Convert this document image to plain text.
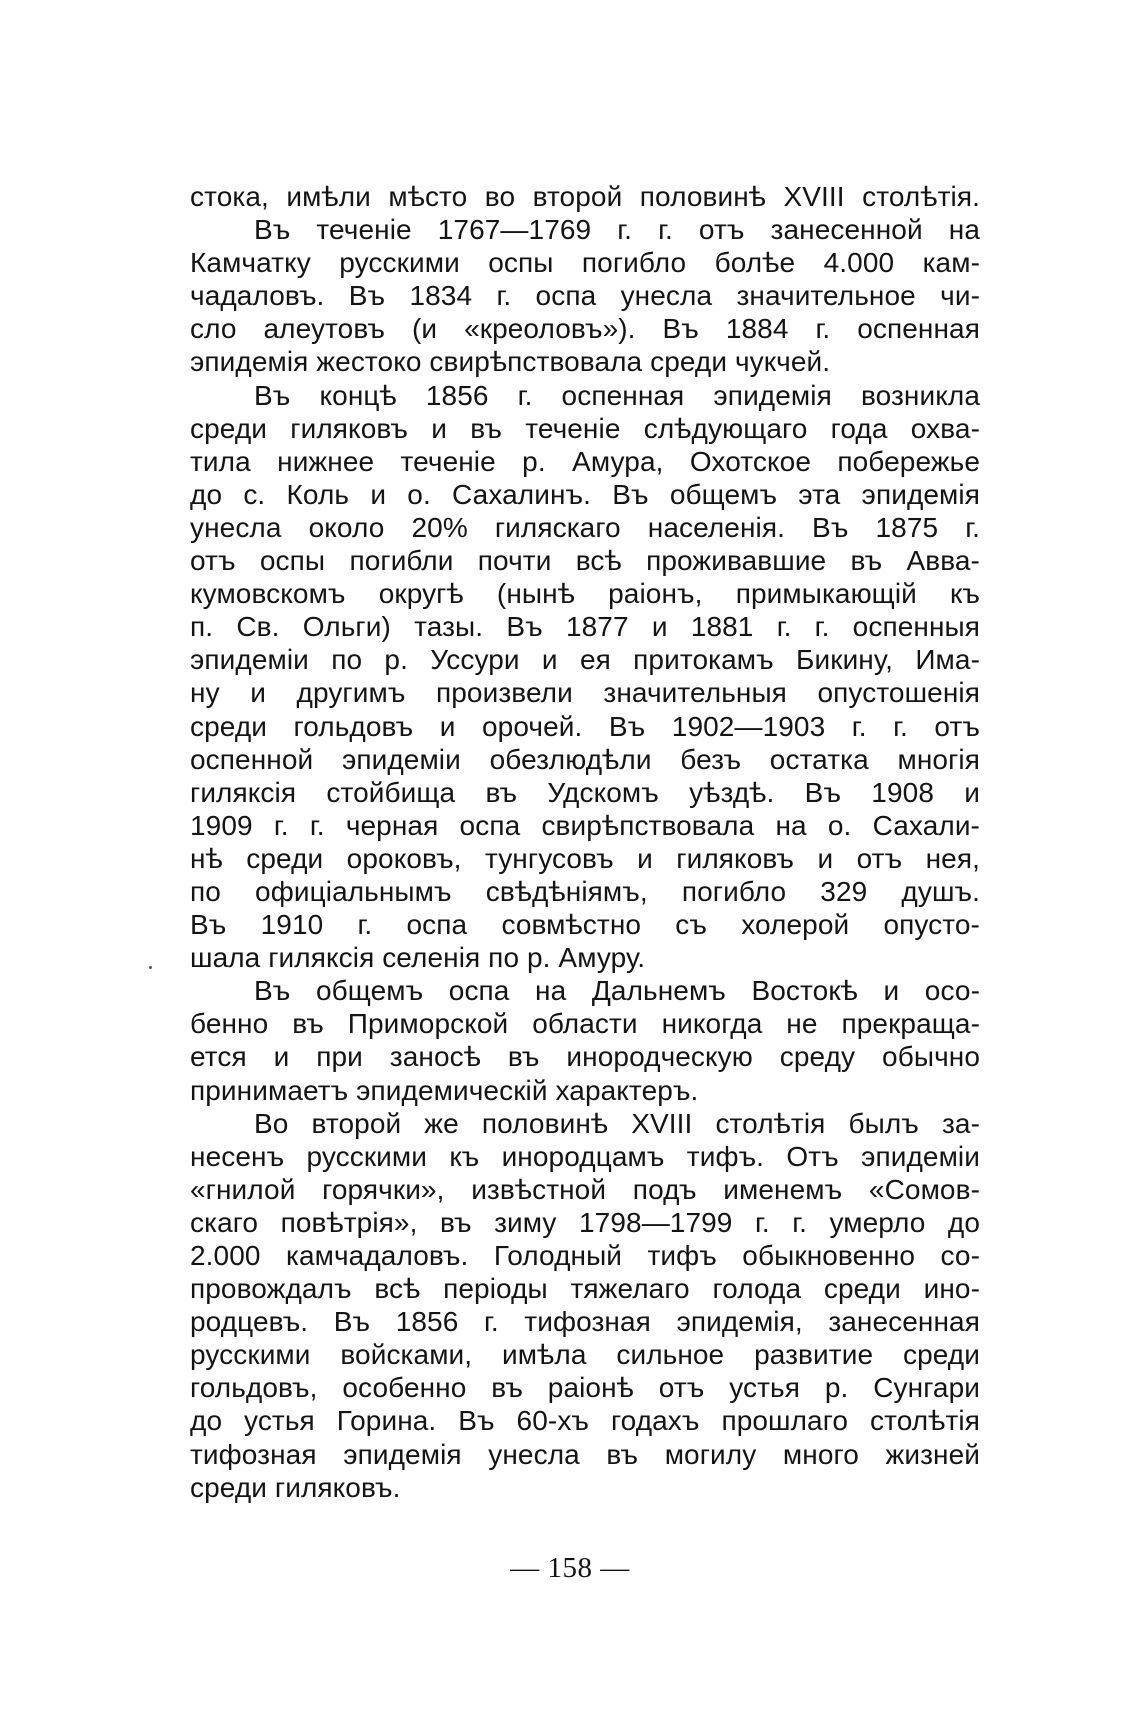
стока, имѣли мѣсто во второй половинѣ XVIII столѣтія.
Въ теченіе 1767—1769 г. г. отъ занесенной на
Камчатку русскими оспы погибло болѣе 4.000 кам-
чадаловъ. Въ 1834 г. оспа унесла значительное чи-
сло алеутовъ (и «креоловъ»). Въ 1884 г. оспенная
эпидемія жестоко свирѣпствовала среди чукчей.
Въ концѣ 1856 г. оспенная эпидемія возникла
среди гиляковъ и въ теченіе слѣдующаго года охва-
тила нижнее теченіе р. Амура, Охотское побережье
до с. Коль и о. Сахалинъ. Въ общемъ эта эпидемія
унесла около 20% гиляскаго населенія. Въ 1875 г.
отъ оспы погибли почти всѣ проживавшие въ Авва-
кумовскомъ округѣ (нынѣ раіонъ, примыкающій къ
п. Св. Ольги) тазы. Въ 1877 и 1881 г. г. оспенныя
эпидеміи по р. Уссури и ея притокамъ Бикину, Има-
ну и другимъ произвели значительныя опустошенія
среди гольдовъ и орочей. Въ 1902—1903 г. г. отъ
оспенной эпидеміи обезлюдѣли безъ остатка многія
гиляксія стойбища въ Удскомъ уѣздѣ. Въ 1908 и
1909 г. г. черная оспа свирѣпствовала на о. Сахали-
нѣ среди ороковъ, тунгусовъ и гиляковъ и отъ нея,
по офиціальнымъ свѣдѣніямъ, погибло 329 душъ.
Въ 1910 г. оспа совмѣстно съ холерой опусто-
шала гиляксія селенія по р. Амуру.
Въ общемъ оспа на Дальнемъ Востокѣ и осо-
бенно въ Приморской области никогда не прекраща-
ется и при заносѣ въ инородческую среду обычно
принимаетъ эпидемическій характеръ.
Во второй же половинѣ XVIII столѣтія былъ за-
несенъ русскими къ инородцамъ тифъ. Отъ эпидеміи
«гнилой горячки», извѣстной подъ именемъ «Сомов-
скаго повѣтрія», въ зиму 1798—1799 г. г. умерло до
2.000 камчадаловъ. Голодный тифъ обыкновенно со-
провождалъ всѣ періоды тяжелаго голода среди ино-
родцевъ. Въ 1856 г. тифозная эпидемія, занесенная
русскими войсками, имѣла сильное развитие среди
гольдовъ, особенно въ раіонѣ отъ устья р. Сунгари
до устья Горина. Въ 60-хъ годахъ прошлаго столѣтія
тифозная эпидемія унесла въ могилу много жизней
среди гиляковъ.
— 158 —
